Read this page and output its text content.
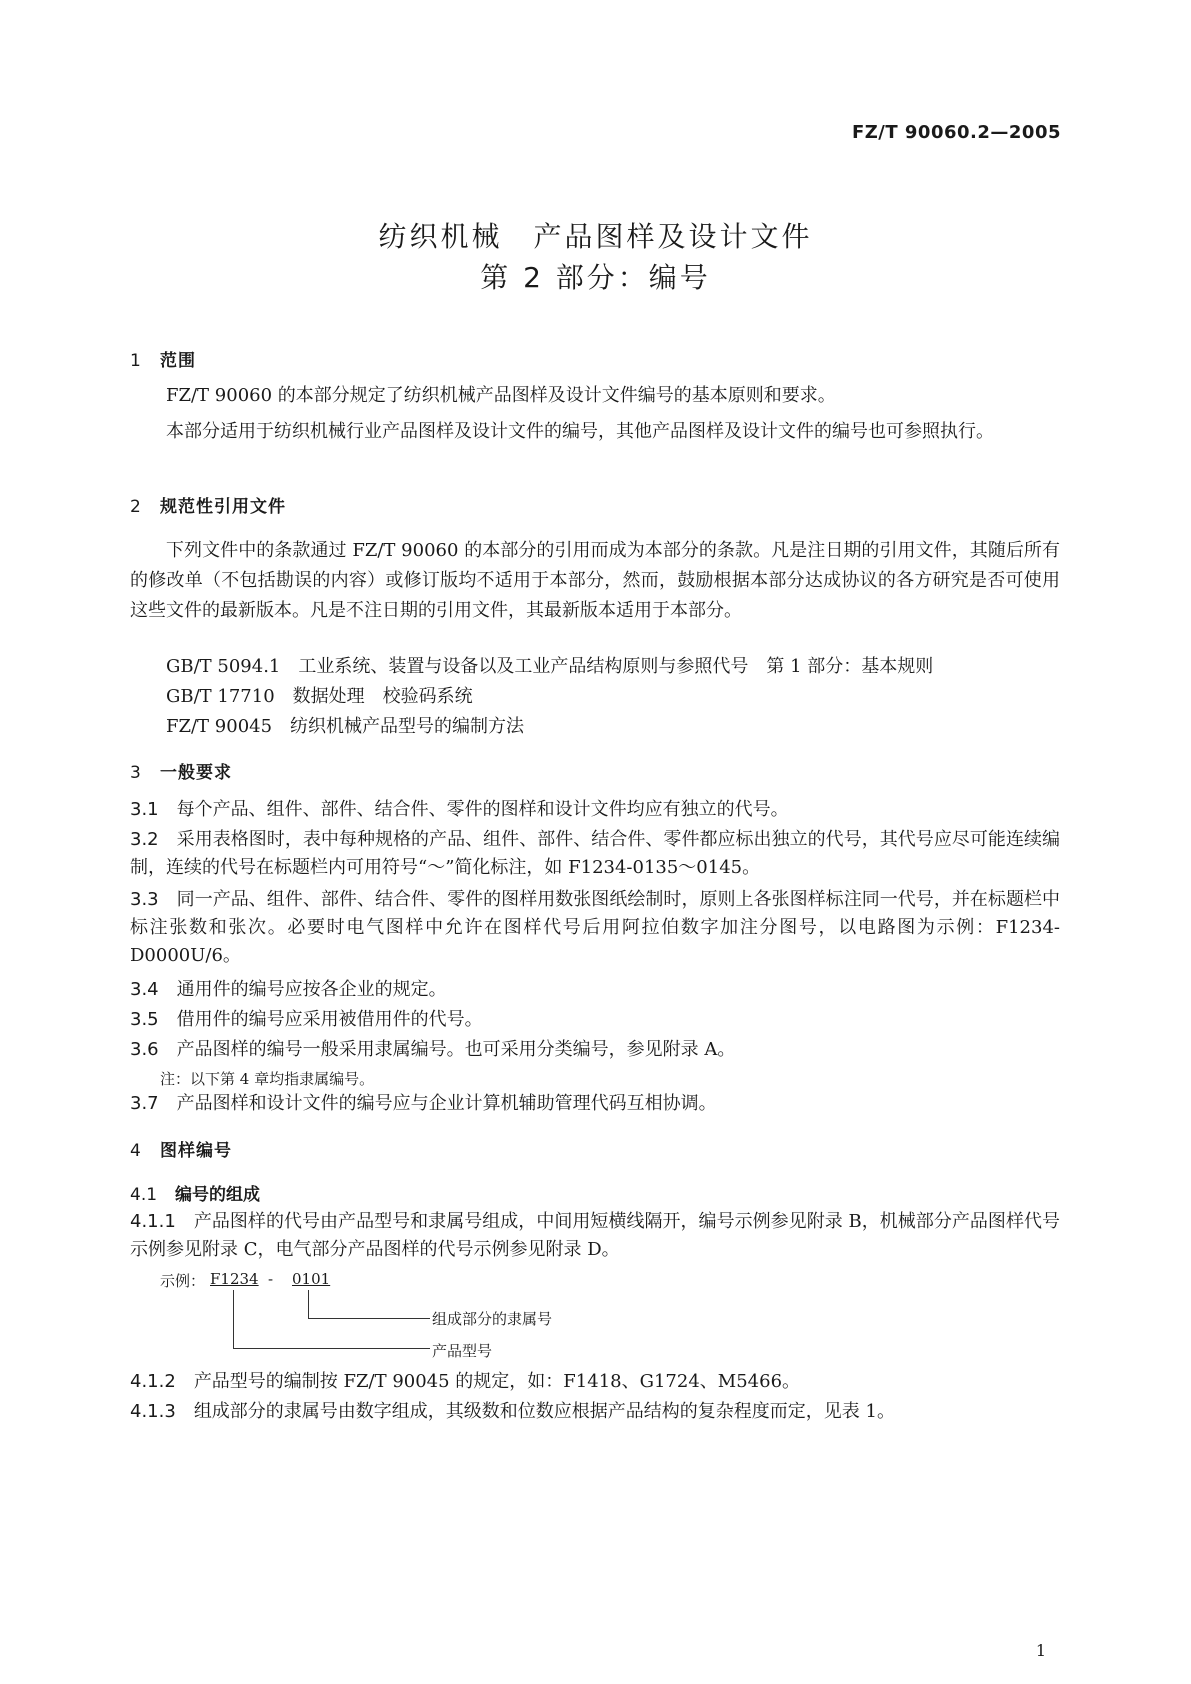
FZ/T 90060.2—2005
纺织机械　产品图样及设计文件
第 2 部分：编号
1 范围
FZ/T 90060 的本部分规定了纺织机械产品图样及设计文件编号的基本原则和要求。
本部分适用于纺织机械行业产品图样及设计文件的编号，其他产品图样及设计文件的编号也可参照执行。
2 规范性引用文件
下列文件中的条款通过 FZ/T 90060 的本部分的引用而成为本部分的条款。凡是注日期的引用文件，其随后所有的修改单（不包括勘误的内容）或修订版均不适用于本部分，然而，鼓励根据本部分达成协议的各方研究是否可使用这些文件的最新版本。凡是不注日期的引用文件，其最新版本适用于本部分。
GB/T 5094.1　工业系统、装置与设备以及工业产品结构原则与参照代号　第 1 部分：基本规则
GB/T 17710　数据处理　校验码系统
FZ/T 90045　纺织机械产品型号的编制方法
3 一般要求
3.1 每个产品、组件、部件、结合件、零件的图样和设计文件均应有独立的代号。
3.2 采用表格图时，表中每种规格的产品、组件、部件、结合件、零件都应标出独立的代号，其代号应尽可能连续编制，连续的代号在标题栏内可用符号“～”简化标注，如 F1234-0135～0145。
3.3 同一产品、组件、部件、结合件、零件的图样用数张图纸绘制时，原则上各张图样标注同一代号，并在标题栏中标注张数和张次。必要时电气图样中允许在图样代号后用阿拉伯数字加注分图号，以电路图为示例：F1234-D0000U/6。
3.4 通用件的编号应按各企业的规定。
3.5 借用件的编号应采用被借用件的代号。
3.6 产品图样的编号一般采用隶属编号。也可采用分类编号，参见附录 A。
注：以下第 4 章均指隶属编号。
3.7 产品图样和设计文件的编号应与企业计算机辅助管理代码互相协调。
4 图样编号
4.1 编号的组成
4.1.1 产品图样的代号由产品型号和隶属号组成，中间用短横线隔开，编号示例参见附录 B，机械部分产品图样代号示例参见附录 C，电气部分产品图样的代号示例参见附录 D。
示例： F1234 - 0101
组成部分的隶属号
产品型号
4.1.2 产品型号的编制按 FZ/T 90045 的规定，如：F1418、G1724、M5466。
4.1.3 组成部分的隶属号由数字组成，其级数和位数应根据产品结构的复杂程度而定，见表 1。
1
